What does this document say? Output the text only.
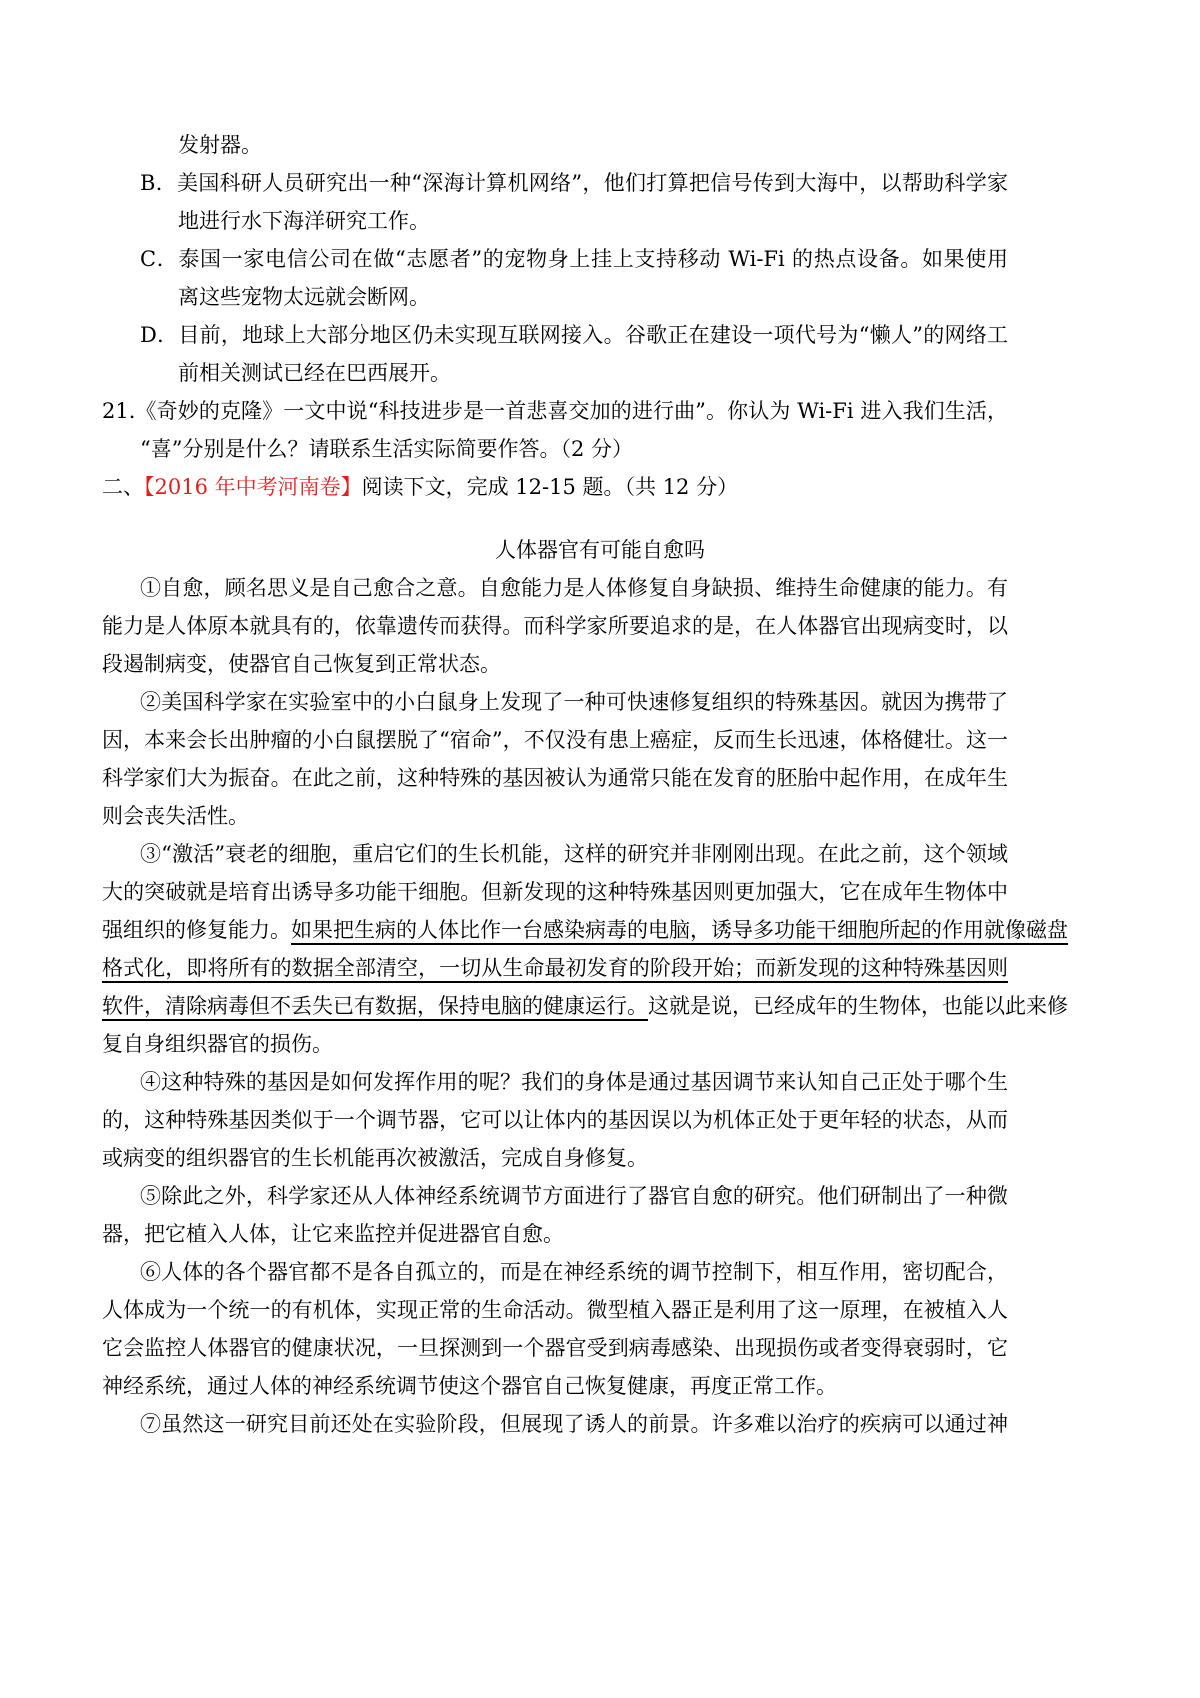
发射器。
B．美国科研人员研究出一种“深海计算机网络”，他们打算把信号传到大海中，以帮助科学家
地进行水下海洋研究工作。
C．泰国一家电信公司在做“志愿者”的宠物身上挂上支持移动 Wi-Fi 的热点设备。如果使用
离这些宠物太远就会断网。
D．目前，地球上大部分地区仍未实现互联网接入。谷歌正在建设一项代号为“懒人”的网络工
前相关测试已经在巴西展开。
21.《奇妙的克隆》一文中说“科技进步是一首悲喜交加的进行曲”。你认为 Wi-Fi 进入我们生活，
“喜”分别是什么？请联系生活实际简要作答。（2 分）
二、【2016 年中考河南卷】阅读下文，完成 12-15 题。（共 12 分）
人体器官有可能自愈吗
①自愈，顾名思义是自己愈合之意。自愈能力是人体修复自身缺损、维持生命健康的能力。有
能力是人体原本就具有的，依靠遗传而获得。而科学家所要追求的是，在人体器官出现病变时，以
段遏制病变，使器官自己恢复到正常状态。
②美国科学家在实验室中的小白鼠身上发现了一种可快速修复组织的特殊基因。就因为携带了
因，本来会长出肿瘤的小白鼠摆脱了“宿命”，不仅没有患上癌症，反而生长迅速，体格健壮。这一
科学家们大为振奋。在此之前，这种特殊的基因被认为通常只能在发育的胚胎中起作用，在成年生
则会丧失活性。
③“激活”衰老的细胞，重启它们的生长机能，这样的研究并非刚刚出现。在此之前，这个领域
大的突破就是培育出诱导多功能干细胞。但新发现的这种特殊基因则更加强大，它在成年生物体中
强组织的修复能力。如果把生病的人体比作一台感染病毒的电脑，诱导多功能干细胞所起的作用就像磁盘
格式化，即将所有的数据全部清空，一切从生命最初发育的阶段开始；而新发现的这种特殊基因则
软件，清除病毒但不丢失已有数据，保持电脑的健康运行。这就是说，已经成年的生物体，也能以此来修
复自身组织器官的损伤。
④这种特殊的基因是如何发挥作用的呢？我们的身体是通过基因调节来认知自己正处于哪个生
的，这种特殊基因类似于一个调节器，它可以让体内的基因误以为机体正处于更年轻的状态，从而
或病变的组织器官的生长机能再次被激活，完成自身修复。
⑤除此之外，科学家还从人体神经系统调节方面进行了器官自愈的研究。他们研制出了一种微
器，把它植入人体，让它来监控并促进器官自愈。
⑥人体的各个器官都不是各自孤立的，而是在神经系统的调节控制下，相互作用，密切配合，
人体成为一个统一的有机体，实现正常的生命活动。微型植入器正是利用了这一原理，在被植入人
它会监控人体器官的健康状况，一旦探测到一个器官受到病毒感染、出现损伤或者变得衰弱时，它
神经系统，通过人体的神经系统调节使这个器官自己恢复健康，再度正常工作。
⑦虽然这一研究目前还处在实验阶段，但展现了诱人的前景。许多难以治疗的疾病可以通过神
